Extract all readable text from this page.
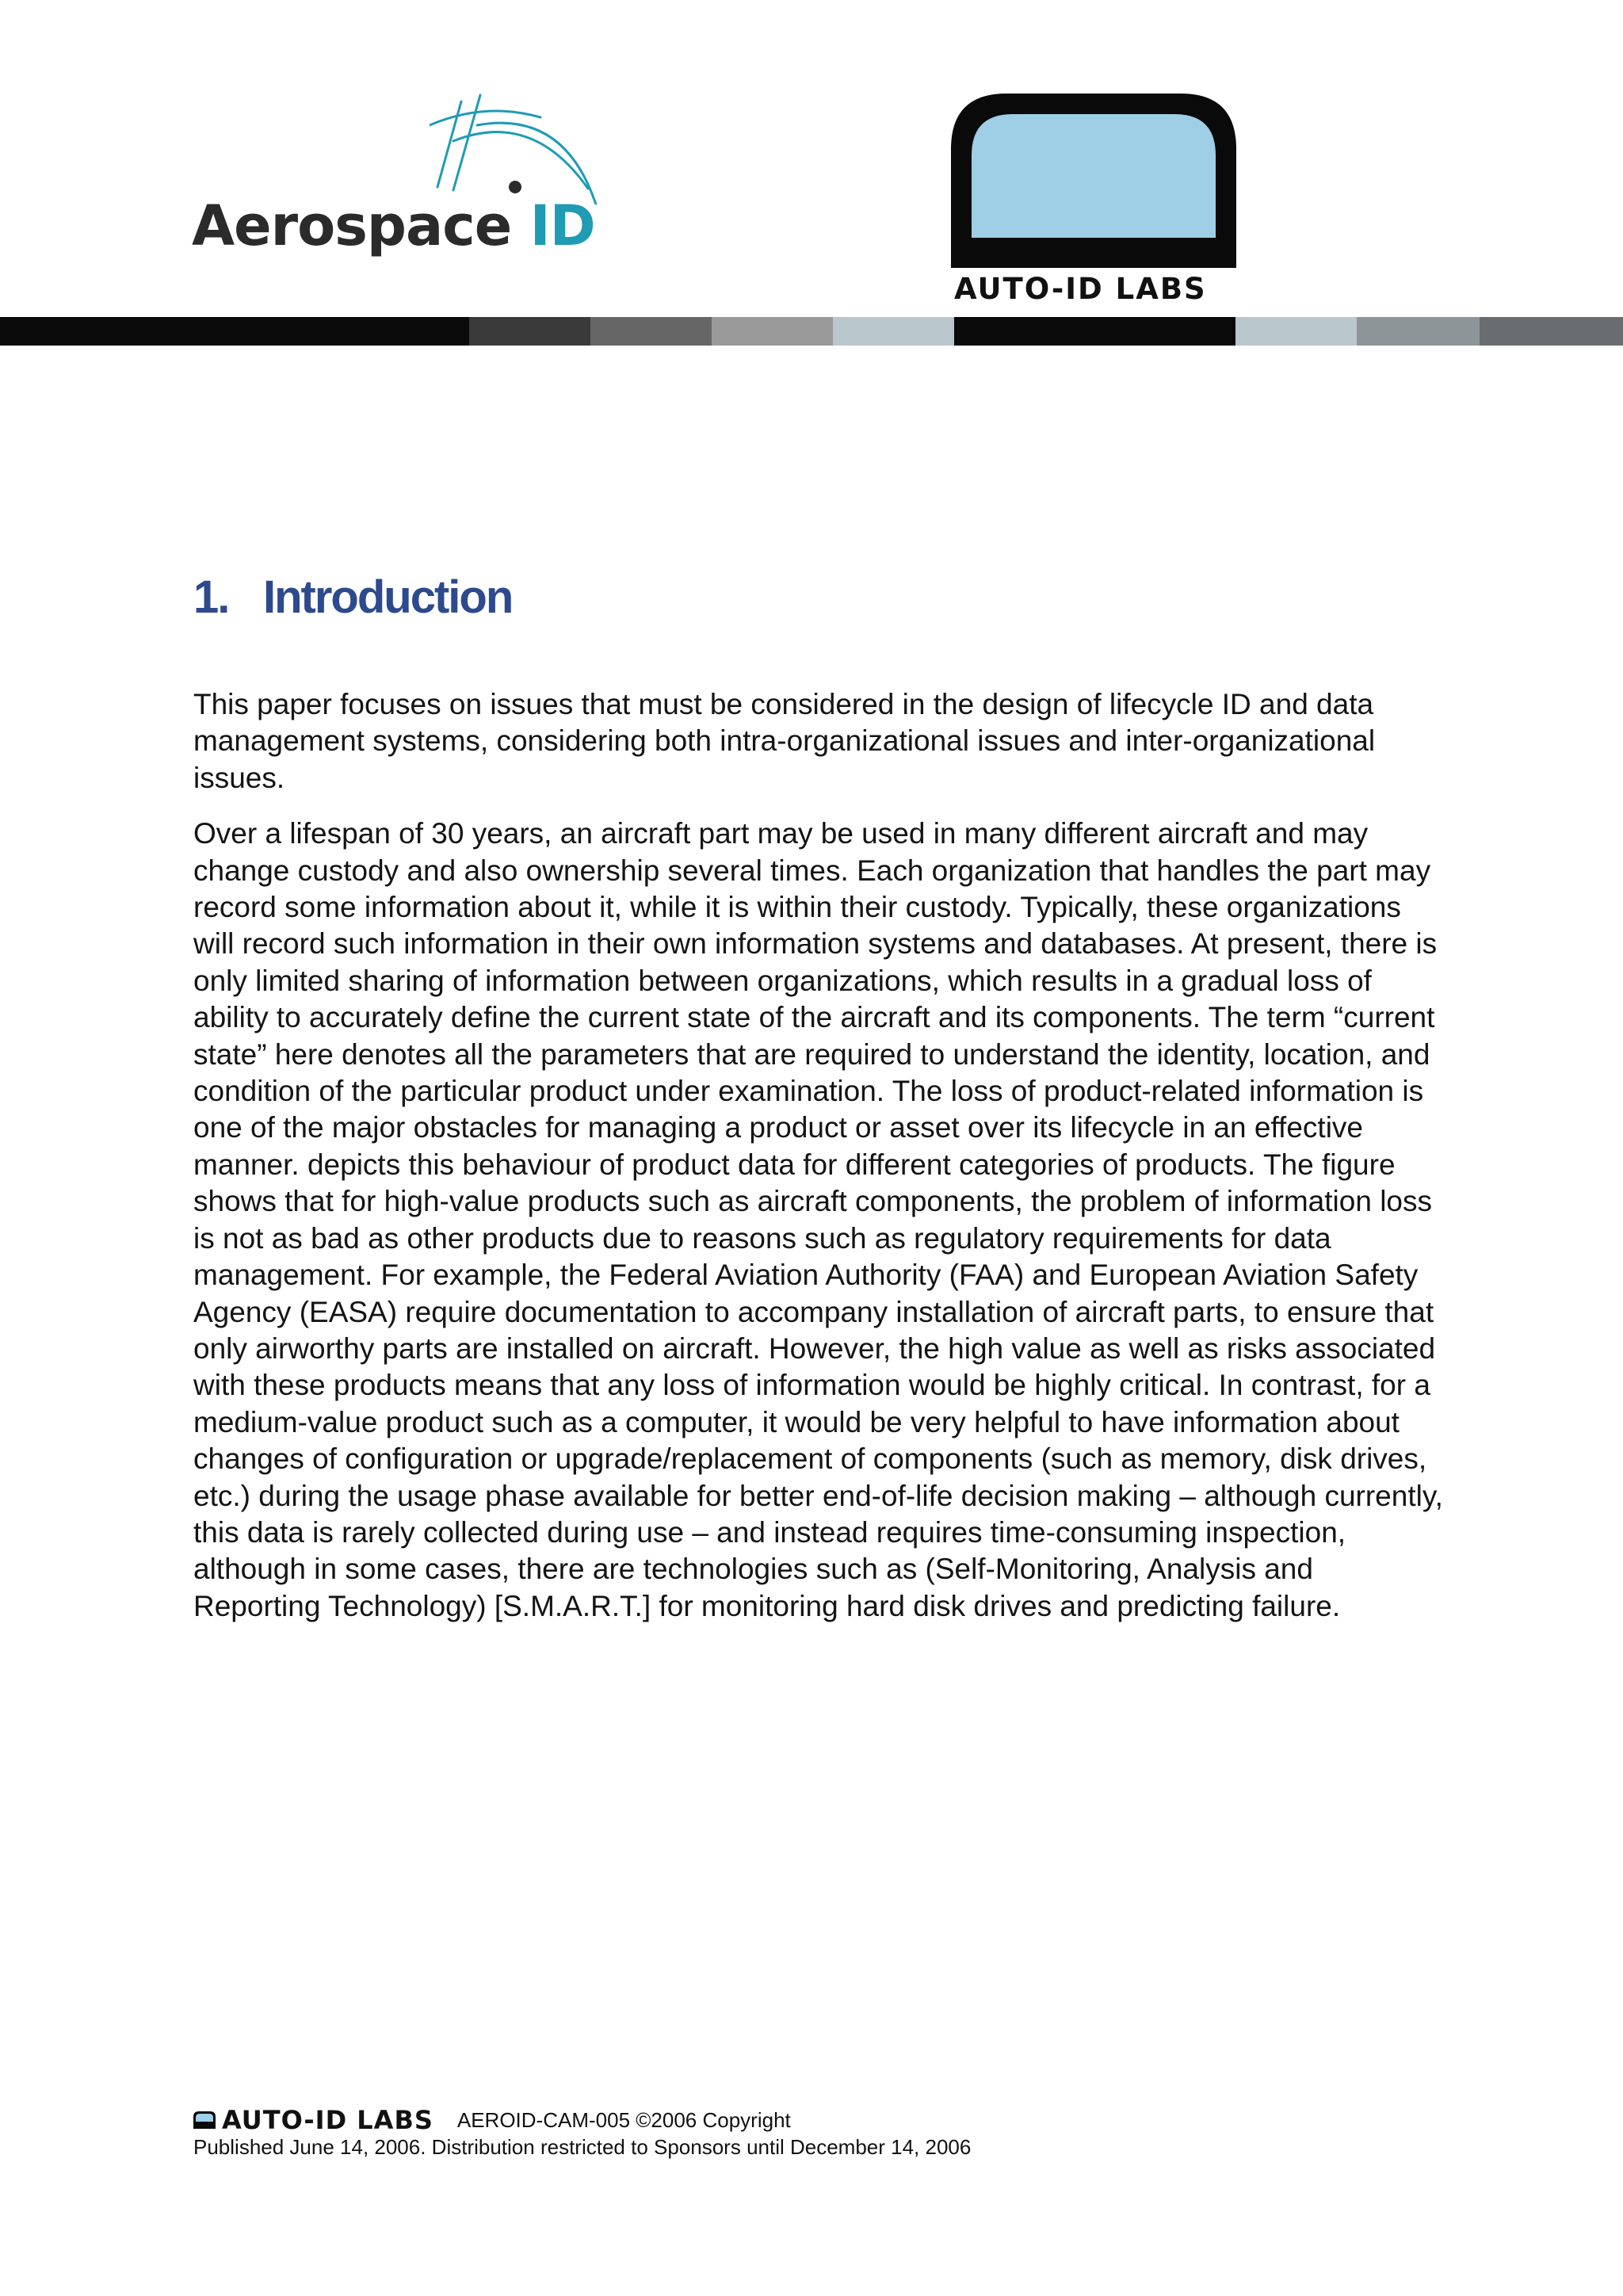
Aerospace ID
AUTO-ID LABS
1. Introduction

This paper focuses on issues that must be considered in the design of lifecycle ID and data management systems, considering both intra-organizational issues and inter-organizational issues.

Over a lifespan of 30 years, an aircraft part may be used in many different aircraft and may change custody and also ownership several times. Each organization that handles the part may record some information about it, while it is within their custody. Typically, these organizations will record such information in their own information systems and databases. At present, there is only limited sharing of information between organizations, which results in a gradual loss of ability to accurately define the current state of the aircraft and its components. The term “current state” here denotes all the parameters that are required to understand the identity, location, and condition of the particular product under examination. The loss of product-related information is one of the major obstacles for managing a product or asset over its lifecycle in an effective manner. depicts this behaviour of product data for different categories of products. The figure shows that for high-value products such as aircraft components, the problem of information loss is not as bad as other products due to reasons such as regulatory requirements for data management. For example, the Federal Aviation Authority (FAA) and European Aviation Safety Agency (EASA) require documentation to accompany installation of aircraft parts, to ensure that only airworthy parts are installed on aircraft. However, the high value as well as risks associated with these products means that any loss of information would be highly critical. In contrast, for a medium-value product such as a computer, it would be very helpful to have information about changes of configuration or upgrade/replacement of components (such as memory, disk drives, etc.) during the usage phase available for better end-of-life decision making – although currently, this data is rarely collected during use – and instead requires time-consuming inspection, although in some cases, there are technologies such as (Self-Monitoring, Analysis and Reporting Technology) [S.M.A.R.T.] for monitoring hard disk drives and predicting failure.

AUTO-ID LABS AEROID-CAM-005 ©2006 Copyright
Published June 14, 2006. Distribution restricted to Sponsors until December 14, 2006
